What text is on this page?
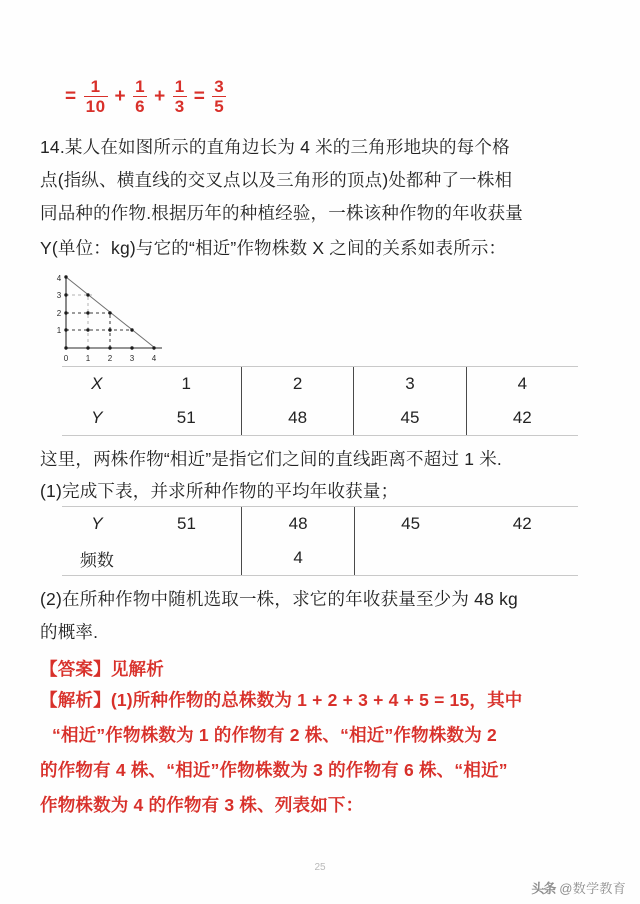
= $\frac{1}{10} + \frac{1}{6} + \frac{1}{3} = \frac{3}{5}$
14.某人在如图所示的直角边长为 4 米的三角形地块的每个格
点(指纵、横直线的交叉点以及三角形的顶点)处都种了一株相
同品种的作物.根据历年的种植经验，一株该种作物的年收获量
Y(单位：kg)与它的“相近”作物株数 X 之间的关系如表所示：
0 1 2 3 4
1
2
3
4
X	1	2	3	4
Y	51	48	45	42
这里，两株作物“相近”是指它们之间的直线距离不超过 1 米.
(1)完成下表，并求所种作物的平均年收获量；
Y	51	48	45	42
频数		4		
(2)在所种作物中随机选取一株，求它的年收获量至少为 48 kg
的概率.
【答案】见解析
【解析】(1)所种作物的总株数为 1 + 2 + 3 + 4 + 5 = 15，其中
“相近”作物株数为 1 的作物有 2 株、“相近”作物株数为 2
的作物有 4 株、“相近”作物株数为 3 的作物有 6 株、“相近”
作物株数为 4 的作物有 3 株、列表如下：
25
头条 @数学教育
